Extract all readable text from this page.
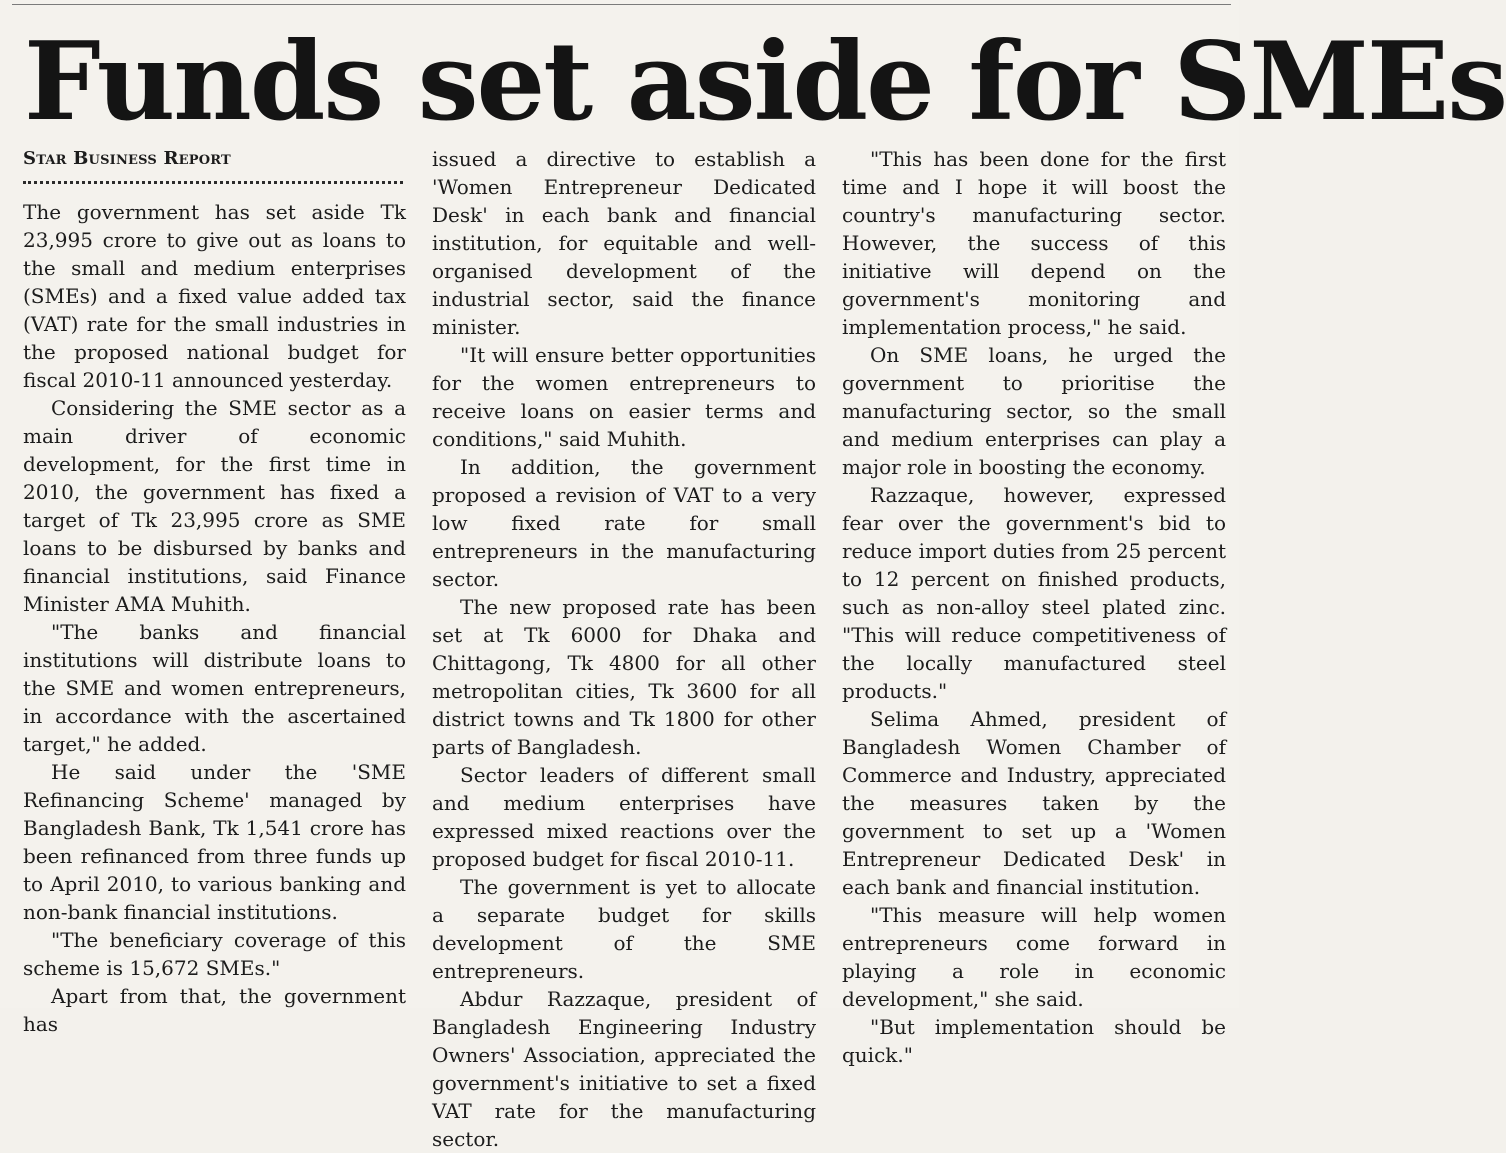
Funds set aside for SMEs

Star Business Report

The government has set aside Tk 23,995 crore to give out as loans to the small and medium enterprises (SMEs) and a fixed value added tax (VAT) rate for the small industries in the proposed national budget for fiscal 2010-11 announced yesterday.

Considering the SME sector as a main driver of economic development, for the first time in 2010, the government has fixed a target of Tk 23,995 crore as SME loans to be disbursed by banks and financial institutions, said Finance Minister AMA Muhith.

"The banks and financial institutions will distribute loans to the SME and women entrepreneurs, in accordance with the ascertained target," he added.

He said under the 'SME Refinancing Scheme' managed by Bangladesh Bank, Tk 1,541 crore has been refinanced from three funds up to April 2010, to various banking and non-bank financial institutions.

"The beneficiary coverage of this scheme is 15,672 SMEs."

Apart from that, the government has

issued a directive to establish a 'Women Entrepreneur Dedicated Desk' in each bank and financial institution, for equitable and well-organised development of the industrial sector, said the finance minister.

"It will ensure better opportunities for the women entrepreneurs to receive loans on easier terms and conditions," said Muhith.

In addition, the government proposed a revision of VAT to a very low fixed rate for small entrepreneurs in the manufacturing sector.

The new proposed rate has been set at Tk 6000 for Dhaka and Chittagong, Tk 4800 for all other metropolitan cities, Tk 3600 for all district towns and Tk 1800 for other parts of Bangladesh.

Sector leaders of different small and medium enterprises have expressed mixed reactions over the proposed budget for fiscal 2010-11.

The government is yet to allocate a separate budget for skills development of the SME entrepreneurs.

Abdur Razzaque, president of Bangladesh Engineering Industry Owners' Association, appreciated the government's initiative to set a fixed VAT rate for the manufacturing sector.

"This has been done for the first time and I hope it will boost the country's manufacturing sector. However, the success of this initiative will depend on the government's monitoring and implementation process," he said.

On SME loans, he urged the government to prioritise the manufacturing sector, so the small and medium enterprises can play a major role in boosting the economy.

Razzaque, however, expressed fear over the government's bid to reduce import duties from 25 percent to 12 percent on finished products, such as non-alloy steel plated zinc. "This will reduce competitiveness of the locally manufactured steel products."

Selima Ahmed, president of Bangladesh Women Chamber of Commerce and Industry, appreciated the measures taken by the government to set up a 'Women Entrepreneur Dedicated Desk' in each bank and financial institution.

"This measure will help women entrepreneurs come forward in playing a role in economic development," she said.

"But implementation should be quick."
